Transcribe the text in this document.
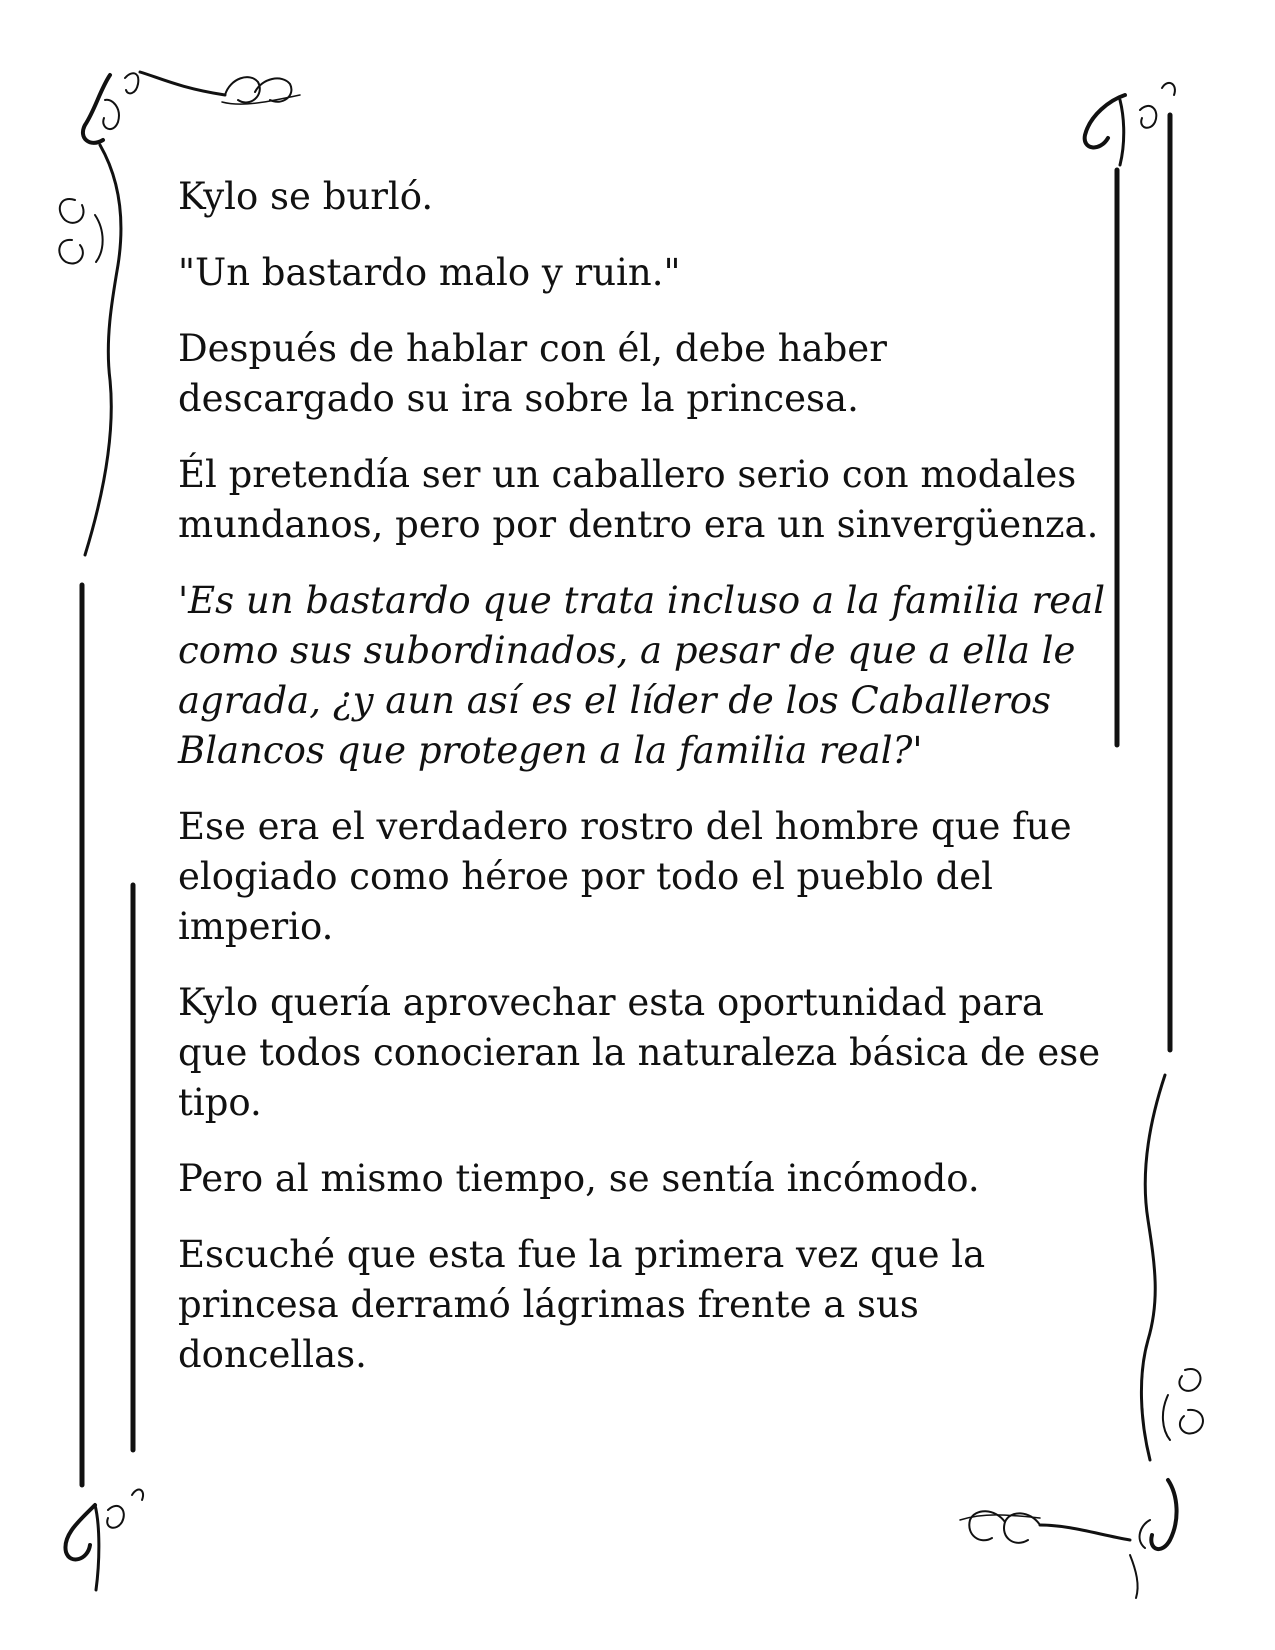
Kylo se burló.

"Un bastardo malo y ruin."

Después de hablar con él, debe haber descargado su ira sobre la princesa.

Él pretendía ser un caballero serio con modales mundanos, pero por dentro era un sinvergüenza.

'Es un bastardo que trata incluso a la familia real como sus subordinados, a pesar de que a ella le agrada, ¿y aun así es el líder de los Caballeros Blancos que protegen a la familia real?'

Ese era el verdadero rostro del hombre que fue elogiado como héroe por todo el pueblo del imperio.

Kylo quería aprovechar esta oportunidad para que todos conocieran la naturaleza básica de ese tipo.

Pero al mismo tiempo, se sentía incómodo.

Escuché que esta fue la primera vez que la princesa derramó lágrimas frente a sus doncellas.
